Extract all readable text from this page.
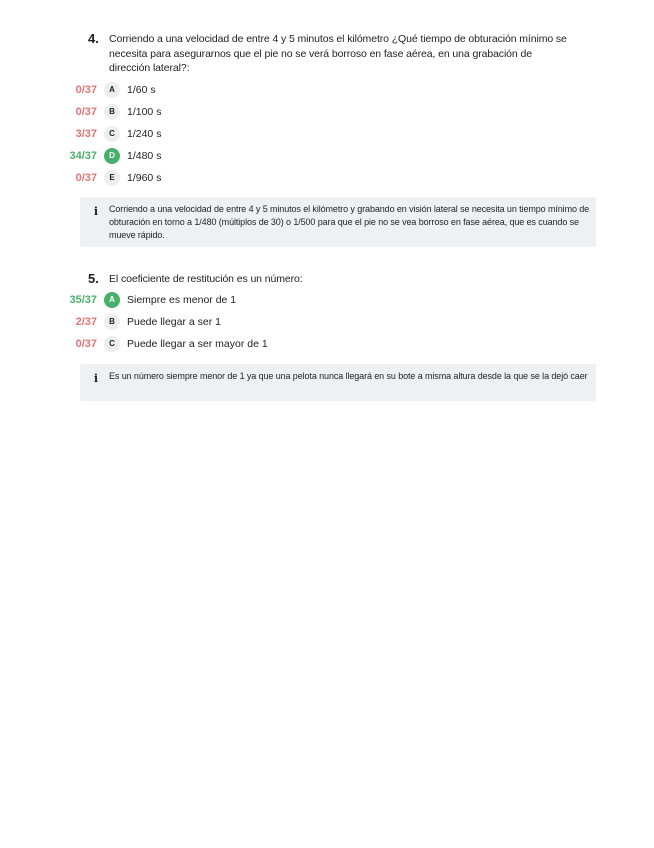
4. Corriendo a una velocidad de entre 4 y 5 minutos el kilómetro ¿Qué tiempo de obturación mínimo se necesita para asegurarnos que el pie no se verá borroso en fase aérea, en una grabación de dirección lateral?:
0/37	A	1/60 s
0/37	B	1/100 s
3/37	C	1/240 s
34/37	D	1/480 s
0/37	E	1/960 s
i	Corriendo a una velocidad de entre 4 y 5 minutos el kilómetro y grabando en visión lateral se necesita un tiempo mínimo de obturación en torno a 1/480 (múltiplos de 30) o 1/500 para que el pie no se vea borroso en fase aérea, que es cuando se mueve rápido.
5. El coeficiente de restitución es un número:
35/37	A	Siempre es menor de 1
2/37	B	Puede llegar a ser 1
0/37	C	Puede llegar a ser mayor de 1
i	Es un número siempre menor de 1 ya que una pelota nunca llegará en su bote a misma altura desde la que se la dejó caer
